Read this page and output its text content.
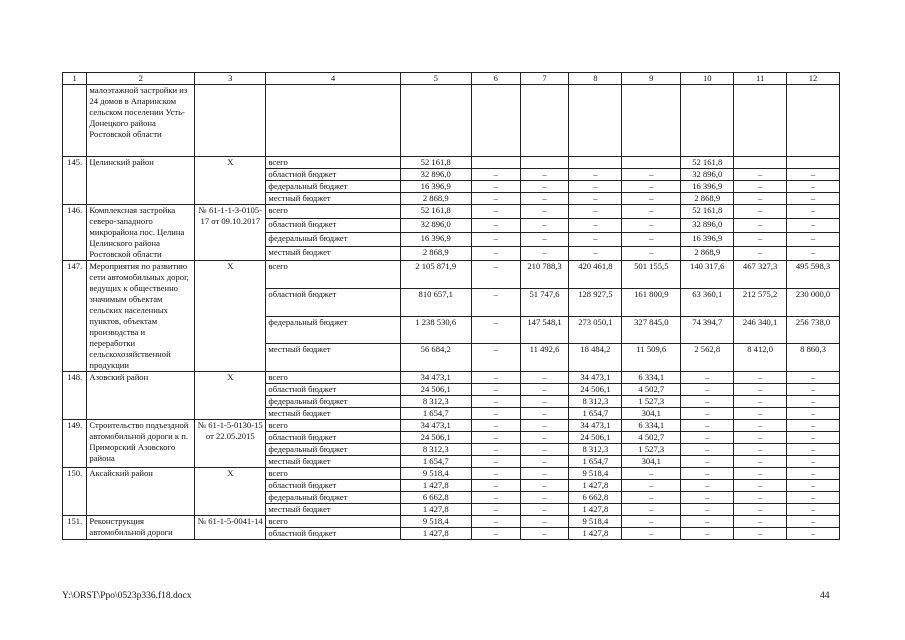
1	2	3	4	5	6	7	8	9	10	11	12
	малоэтажной застройки из 24 домов в Апаринском сельском поселении Усть-Донецкого района Ростовской области										
145.	Целинский район	Х	всего	52 161,8					52 161,8		
			областной бюджет	32 896,0	–	–	–	–	32 896,0	–	–
			федеральный бюджет	16 396,9	–	–	–	–	16 396,9	–	–
			местный бюджет	2 868,9	–	–	–	–	2 868,9	–	–
146.	Комплексная застройка северо-западного микрорайона пос. Целина Целинского района Ростовской области	№ 61-1-1-3-0105-17 от 09.10.2017	всего	52 161,8	–	–	–	–	52 161,8	–	–
			областной бюджет	32 896,0	–	–	–	–	32 896,0	–	–
			федеральный бюджет	16 396,9	–	–	–	–	16 396,9	–	–
			местный бюджет	2 868,9	–	–	–	–	2 868,9	–	–
147.	Мероприятия по развитию сети автомобильных дорог, ведущих к общественно значимым объектам сельских населенных пунктов, объектам производства и переработки сельскохозяйственной продукции	Х	всего	2 105 871,9	–	210 788,3	420 461,8	501 155,5	140 317,6	467 327,3	495 598,3
			областной бюджет	810 657,1	–	51 747,6	128 927,5	161 800,9	63 360,1	212 575,2	230 000,0
			федеральный бюджет	1 238 530,6	–	147 548,1	273 050,1	327 845,0	74 394,7	246 340,1	256 738,0
			местный бюджет	56 684,2	–	11 492,6	18 484,2	11 509,6	2 562,8	8 412,0	8 860,3
148.	Азовский район	Х	всего	34 473,1	–	–	34 473,1	6 334,1	–	–	–
			областной бюджет	24 506,1	–	–	24 506,1	4 502,7	–	–	–
			федеральный бюджет	8 312,3	–	–	8 312,3	1 527,3	–	–	–
			местный бюджет	1 654,7	–	–	1 654,7	304,1	–	–	–
149.	Строительство подъездной автомобильной дороги к п. Приморский Азовского района	№ 61-1-5-0130-15 от 22.05.2015	всего	34 473,1	–	–	34 473,1	6 334,1	–	–	–
			областной бюджет	24 506,1	–	–	24 506,1	4 502,7	–	–	–
			федеральный бюджет	8 312,3	–	–	8 312,3	1 527,3	–	–	–
			местный бюджет	1 654,7	–	–	1 654,7	304,1	–	–	–
150.	Аксайский район	Х	всего	9 518,4	–	–	9 518,4	–	–	–	–
			областной бюджет	1 427,8	–	–	1 427,8	–	–	–	–
			федеральный бюджет	6 662,8	–	–	6 662,8	–	–	–	–
			местный бюджет	1 427,8	–	–	1 427,8	–	–	–	–
151.	Реконструкция автомобильной дороги	№ 61-1-5-0041-14	всего	9 518,4	–	–	9 518,4	–	–	–	–
			областной бюджет	1 427,8	–	–	1 427,8	–	–	–	–
Y:\ORST\Ppo\0523p336.f18.docx	44
